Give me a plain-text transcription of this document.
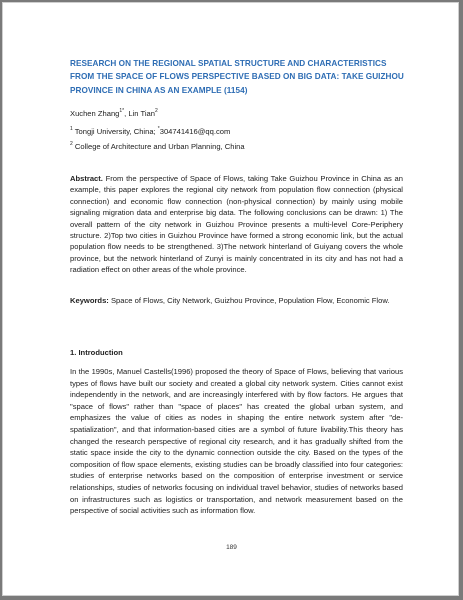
RESEARCH ON THE REGIONAL SPATIAL STRUCTURE AND CHARACTERISTICS FROM THE SPACE OF FLOWS PERSPECTIVE BASED ON BIG DATA: TAKE GUIZHOU PROVINCE IN CHINA AS AN EXAMPLE (1154)
Xuchen Zhang$^{1*}$, Lin Tian$^2$
$^1$ Tongji University, China; *304741416@qq.com
$^2$ College of Architecture and Urban Planning, China
Abstract. From the perspective of Space of Flows, taking Take Guizhou Province in China as an example, this paper explores the regional city network from population flow connection (physical connection) and economic flow connection (non-physical connection) by mainly using mobile signaling migration data and enterprise big data. The following conclusions can be drawn: 1) The overall pattern of the city network in Guizhou Province presents a multi-level Core-Periphery structure. 2)Top two cities in Guizhou Province have formed a strong economic link, but the actual population flow needs to be strengthened. 3)The network hinterland of Guiyang covers the whole province, but the network hinterland of Zunyi is mainly concentrated in its city and has not had a radiation effect on other areas of the whole province.
Keywords: Space of Flows, City Network, Guizhou Province, Population Flow, Economic Flow.
1. Introduction
In the 1990s, Manuel Castells(1996) proposed the theory of Space of Flows, believing that various types of flows have built our society and created a global city network system. Cities cannot exist independently in the network, and are increasingly interfered with by flow factors. He argues that "space of flows" rather than "space of places" has created the global urban system, and emphasizes the value of cities as nodes in shaping the entire network system after "de-spatialization", and that information-based cities are a symbol of future livability.This theory has changed the research perspective of regional city research, and it has gradually shifted from the static space inside the city to the dynamic connection outside the city. Based on the types of the composition of flow space elements, existing studies can be broadly classified into four categories: studies of enterprise networks based on the composition of enterprise investment or service relationships, studies of networks focusing on individual travel behavior, studies of networks based on infrastructures such as logistics or transportation, and network measurement based on the perspective of social activities such as information flow.
189
